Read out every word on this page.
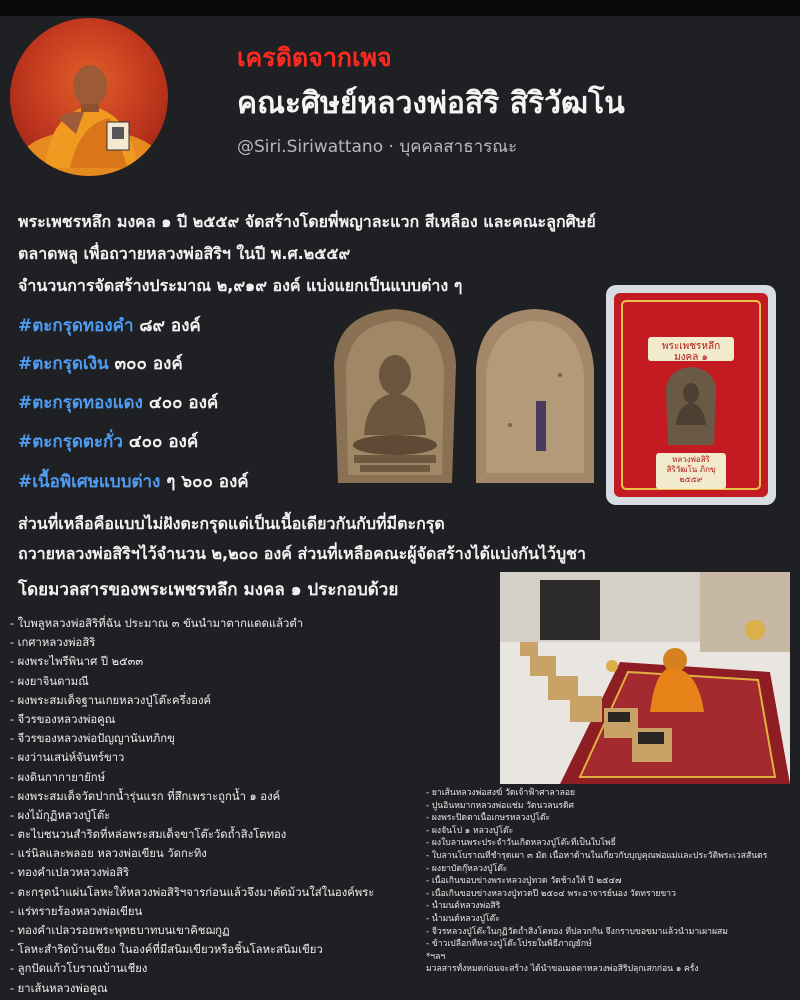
เครดิตจากเพจ
คณะศิษย์หลวงพ่อสิริ สิริวัฒโน
@Siri.Siriwattano · บุคคลสาธารณะ
พระเพชรหลึก มงคล ๑ ปี ๒๕๕๙ จัดสร้างโดยพี่พญาละแวก สีเหลือง และคณะลูกศิษย์
ตลาดพลู เพื่อถวายหลวงพ่อสิริฯ ในปี พ.ศ.๒๕๕๙
จำนวนการจัดสร้างประมาณ ๒,๙๑๙ องค์ แบ่งแยกเป็นแบบต่าง ๆ
#ตะกรุดทองคำ ๘๙ องค์
#ตะกรุดเงิน ๓๐๐ องค์
#ตะกรุดทองแดง ๔๐๐ องค์
#ตะกรุดตะกั่ว ๔๐๐ องค์
#เนื้อพิเศษแบบต่าง ๆ ๖๐๐ องค์
พระเพชรหลึก
มงคล ๑
หลวงพ่อสิริ
สิริวัฒโน ภิกขุ
๒๕๕๙
ส่วนที่เหลือคือแบบไม่ฝังตะกรุดแต่เป็นเนื้อเดียวกันกับที่มีตะกรุด
ถวายหลวงพ่อสิริฯไว้จำนวน ๒,๒๐๐ องค์ ส่วนที่เหลือคณะผู้จัดสร้างได้แบ่งกันไว้บูชา
โดยมวลสารของพระเพชรหลึก มงคล ๑ ประกอบด้วย
- ใบพลูหลวงพ่อสิริที่ฉัน ประมาณ ๓ ขันนำมาตากแดดแล้วตำ
- เกศาหลวงพ่อสิริ
- ผงพระไพรีพินาศ ปี ๒๕๓๓
- ผงยาจินดามณี
- ผงพระสมเด็จฐานเกยหลวงปู่โต๊ะครึ่งองค์
- จีวรของหลวงพ่อคูณ
- จีวรของหลวงพ่อปัญญานันทภิกขุ
- ผงว่านเสน่ห์จันทร์ขาว
- ผงดินกากายายักษ์
- ผงพระสมเด็จวัดปากน้ำรุ่นแรก ที่สึกเพราะถูกน้ำ ๑ องค์
- ผงไม้กุฏิหลวงปู่โต๊ะ
- ตะไบชนวนสำริดที่หล่อพระสมเด็จขาโต๊ะวัดถ้ำสิงโตทอง
- แร่นิลและพลอย หลวงพ่อเขียน วัดกะทิง
- ทองคำเปลวหลวงพ่อสิริ
- ตะกรุดนำแผ่นโลหะให้หลวงพ่อสิริฯจารก่อนแล้วจึงมาตัดม้วนใส่ในองค์พระ
- แร่ทรายร้องหลวงพ่อเขียน
- ทองคำเปลวรอยพระพุทธบาทบนเขาคิชฌกูฏ
- โลหะสำริดบ้านเชียง ในองค์ที่มีสนิมเขียวหรือชิ้นโลหะสนิมเขียว
- ลูกปัดแก้วโบราณบ้านเชียง
- ยาเส้นหลวงพ่อคูณ
- ยาเส้นหลวงพ่อสงฆ์ วัดเจ้าฟ้าศาลาลอย
- ปูนอินหมากหลวงพ่อแช่ม วัดนวลนรดิศ
- ผงพระปิดตาเนื้อเกษรหลวงปู่โต๊ะ
- ผงจันโป ๑ หลวงปู่โต๊ะ
- ผงใบลานพระประจำวันเกิดหลวงปู่โต๊ะที่เป็นใบโพธิ์
- ใบลานโบราณที่ชำรุดเผา ๓ มัด เนื้อหาด้านในเกี่ยวกับบุญคุณพ่อแม่และประวัติพระเวสสันดร
- ผงยาบัดกุ๊หลวงปู่โต๊ะ
- เนื้อเกินขอบข่างพระหลวงปู่ทวด วัดช้างให้ ปี ๒๕๔๗
- เนื้อเกินขอบข่างหลวงปู่ทวดปี ๒๕๐๔ พระอาจารย์นอง วัดทรายขาว
- น้ำมนต์หลวงพ่อสิริ
- น้ำมนต์หลวงปู่โต๊ะ
- จีวรหลวงปู่โต๊ะในกุฏิวัดถ้ำสิงโตทอง ที่ปลวกกิน จึงกราบขอขมาแล้วนำมาเผาผสม
- ข้าวเปลือกที่หลวงปู่โต๊ะโปรยในพิธีภาญยักษ์
*ฯลฯ
มวลสารทั้งหมดก่อนจะสร้าง ได้นำขอเมตตาหลวงพ่อสิริปลุกเสกก่อน ๑ ครั้ง
